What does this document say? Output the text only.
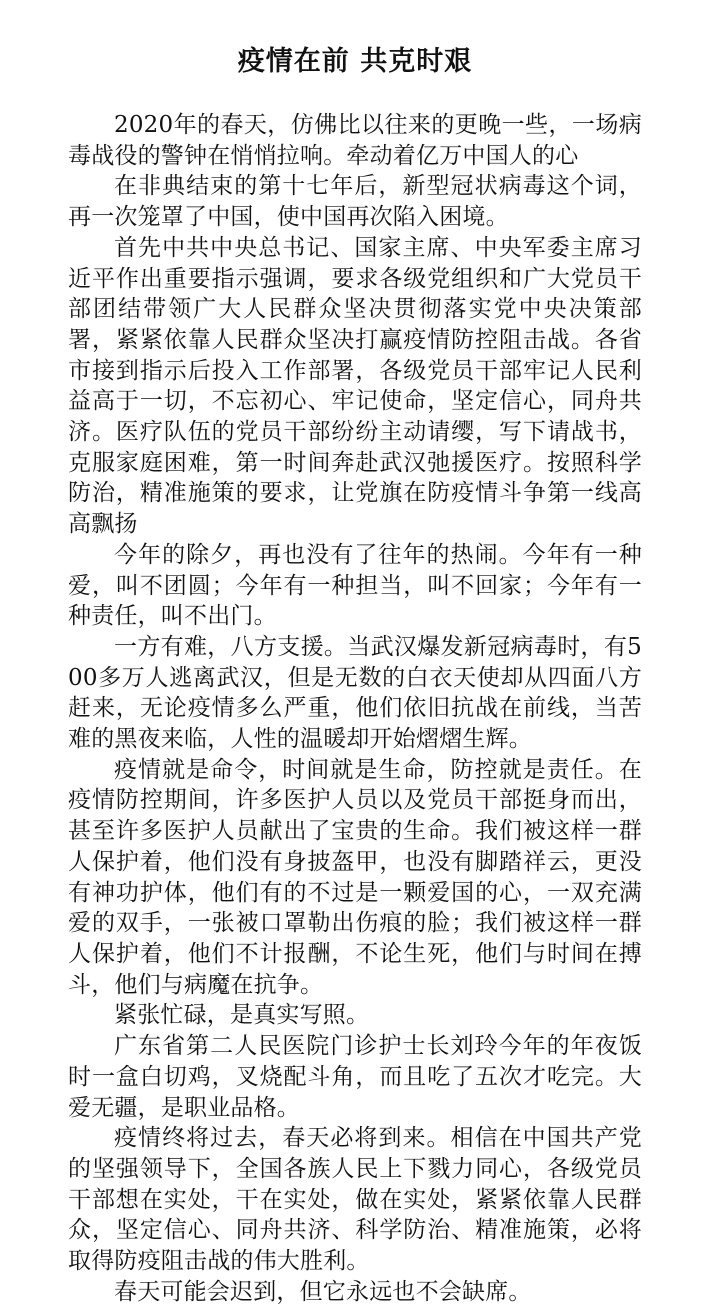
疫情在前 共克时艰

2020年的春天，仿佛比以往来的更晚一些，一场病毒战役的警钟在悄悄拉响。牵动着亿万中国人的心

在非典结束的第十七年后，新型冠状病毒这个词，再一次笼罩了中国，使中国再次陷入困境。

首先中共中央总书记、国家主席、中央军委主席习近平作出重要指示强调，要求各级党组织和广大党员干部团结带领广大人民群众坚决贯彻落实党中央决策部署，紧紧依靠人民群众坚决打赢疫情防控阻击战。各省市接到指示后投入工作部署，各级党员干部牢记人民利益高于一切，不忘初心、牢记使命，坚定信心，同舟共济。医疗队伍的党员干部纷纷主动请缨，写下请战书，克服家庭困难，第一时间奔赴武汉弛援医疗。按照科学防治，精准施策的要求，让党旗在防疫情斗争第一线高高飘扬

今年的除夕，再也没有了往年的热闹。今年有一种爱，叫不团圆；今年有一种担当，叫不回家；今年有一种责任，叫不出门。

一方有难，八方支援。当武汉爆发新冠病毒时，有500多万人逃离武汉，但是无数的白衣天使却从四面八方赶来，无论疫情多么严重，他们依旧抗战在前线，当苦难的黑夜来临，人性的温暖却开始熠熠生辉。

疫情就是命令，时间就是生命，防控就是责任。在疫情防控期间，许多医护人员以及党员干部挺身而出，甚至许多医护人员献出了宝贵的生命。我们被这样一群人保护着，他们没有身披盔甲，也没有脚踏祥云，更没有神功护体，他们有的不过是一颗爱国的心，一双充满爱的双手，一张被口罩勒出伤痕的脸；我们被这样一群人保护着，他们不计报酬，不论生死，他们与时间在搏斗，他们与病魔在抗争。

紧张忙碌，是真实写照。

广东省第二人民医院门诊护士长刘玲今年的年夜饭时一盒白切鸡，叉烧配斗角，而且吃了五次才吃完。大爱无疆，是职业品格。

疫情终将过去，春天必将到来。相信在中国共产党的坚强领导下，全国各族人民上下戮力同心，各级党员干部想在实处，干在实处，做在实处，紧紧依靠人民群众，坚定信心、同舟共济、科学防治、精准施策，必将取得防疫阻击战的伟大胜利。

春天可能会迟到，但它永远也不会缺席。
